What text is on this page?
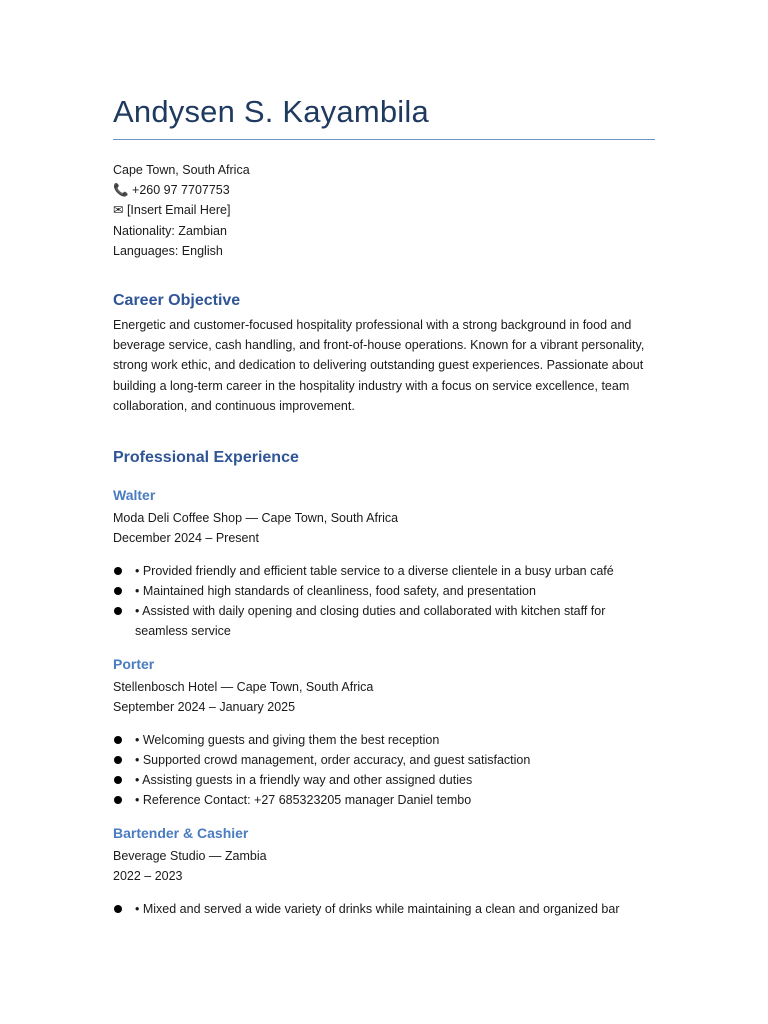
Andysen S. Kayambila
Cape Town, South Africa
📞 +260 97 7707753
✉ [Insert Email Here]
Nationality: Zambian
Languages: English
Career Objective
Energetic and customer-focused hospitality professional with a strong background in food and beverage service, cash handling, and front-of-house operations. Known for a vibrant personality, strong work ethic, and dedication to delivering outstanding guest experiences. Passionate about building a long-term career in the hospitality industry with a focus on service excellence, team collaboration, and continuous improvement.
Professional Experience
Walter
Moda Deli Coffee Shop — Cape Town, South Africa
December 2024 – Present
• Provided friendly and efficient table service to a diverse clientele in a busy urban café
• Maintained high standards of cleanliness, food safety, and presentation
• Assisted with daily opening and closing duties and collaborated with kitchen staff for seamless service
Porter
Stellenbosch Hotel — Cape Town, South Africa
September 2024 – January 2025
• Welcoming guests and giving them the best reception
• Supported crowd management, order accuracy, and guest satisfaction
• Assisting guests in a friendly way and other assigned duties
• Reference Contact: +27 685323205 manager Daniel tembo
Bartender & Cashier
Beverage Studio — Zambia
2022 – 2023
• Mixed and served a wide variety of drinks while maintaining a clean and organized bar
